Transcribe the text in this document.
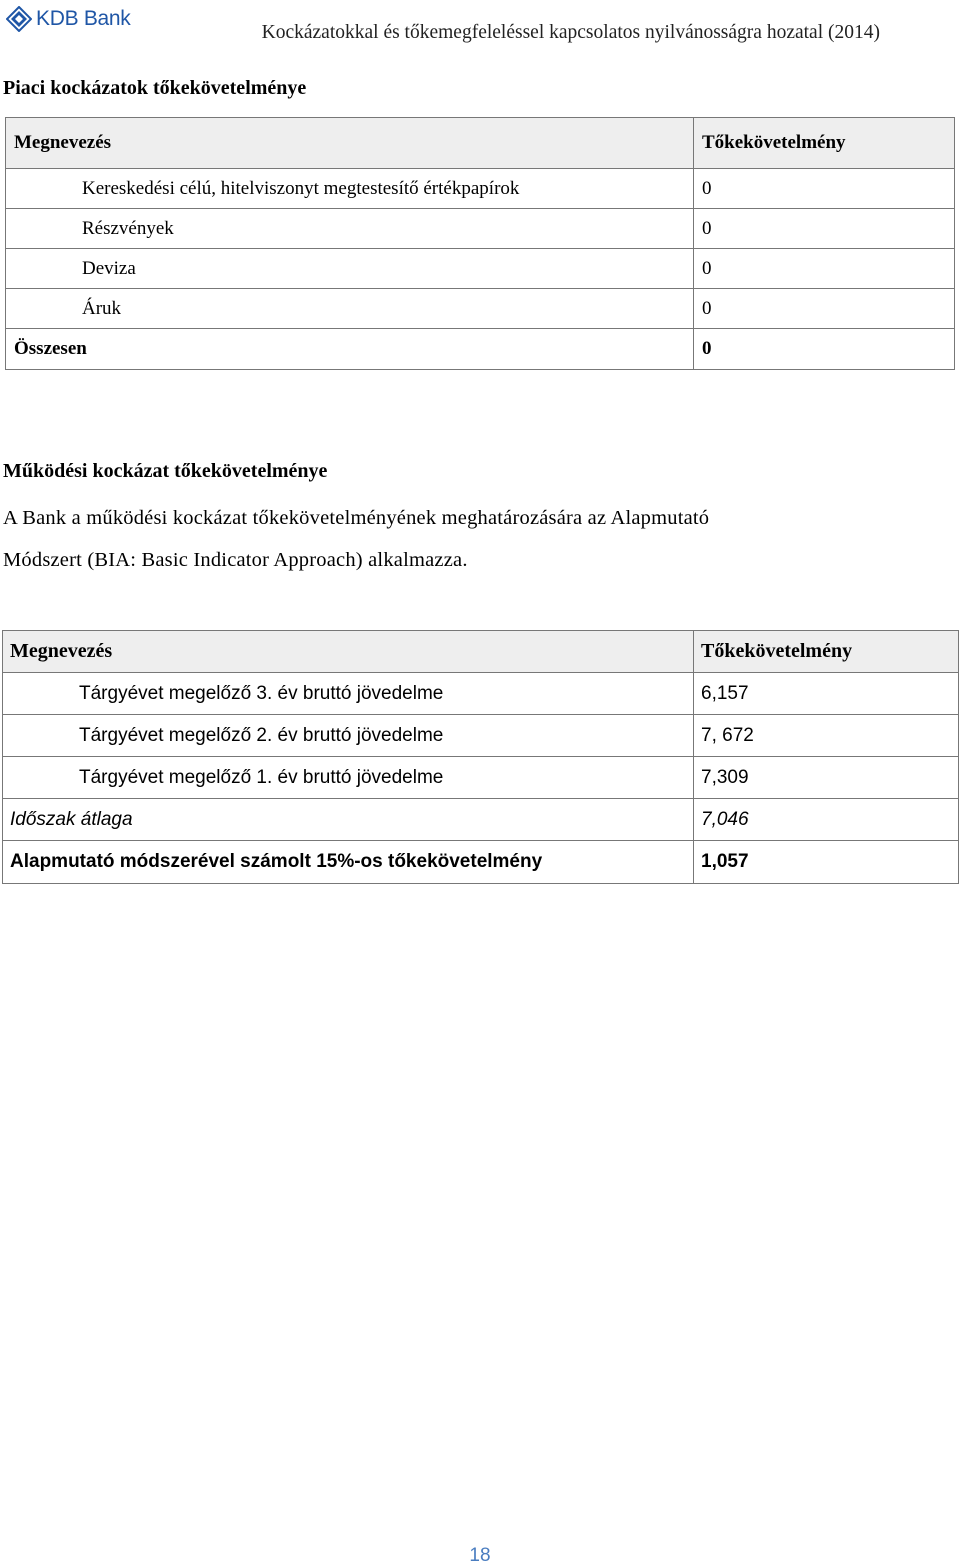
KDB Bank
Kockázatokkal és tőkemegfeleléssel kapcsolatos nyilvánosságra hozatal (2014)
Piaci kockázatok tőkekövetelménye
Megnevezés	Tőkekövetelmény
Kereskedési célú, hitelviszonyt megtestesítő értékpapírok	0
Részvények	0
Deviza	0
Áruk	0
Összesen	0
Működési kockázat tőkekövetelménye

A Bank a működési kockázat tőkekövetelményének meghatározására az Alapmutató
Módszert (BIA: Basic Indicator Approach) alkalmazza.

Megnevezés	Tőkekövetelmény
Tárgyévet megelőző 3. év bruttó jövedelme	6,157
Tárgyévet megelőző 2. év bruttó jövedelme	7, 672
Tárgyévet megelőző 1. év bruttó jövedelme	7,309
Időszak átlaga	7,046
Alapmutató módszerével számolt 15%-os tőkekövetelmény	1,057
18
